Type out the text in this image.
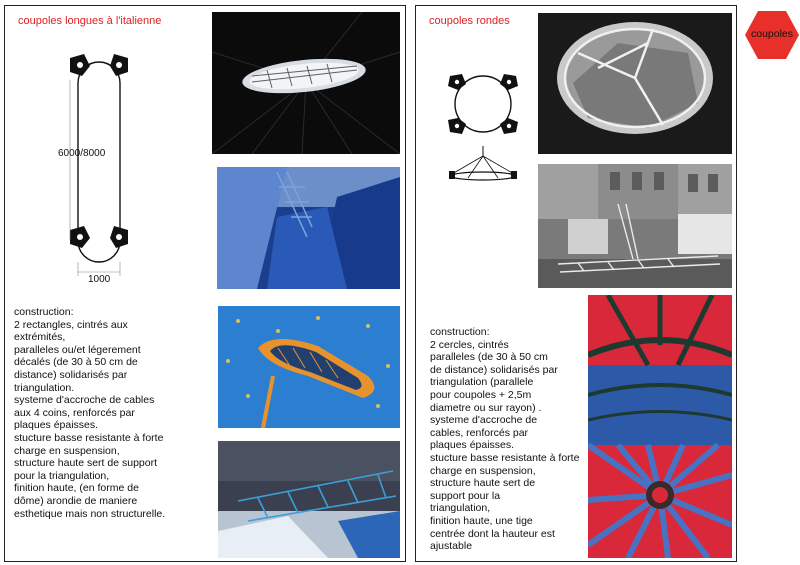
coupoles longues à l'italienne
6000/8000
1000
construction:
2 rectangles, cintrés aux extrémités,
paralleles ou/et légerement décalés (de 30 à 50 cm de distance) solidarisés par triangulation.
systeme d'accroche de cables aux 4 coins, renforcés par plaques épaisses.
stucture basse resistante à forte charge en suspension,
structure haute sert de support pour la triangulation,
finition haute, (en forme de dôme) arondie de maniere esthetique mais non structurelle.
coupoles rondes
construction:
2 cercles, cintrés
paralleles (de 30 à 50 cm
de distance) solidarisés par triangulation (parallele
pour coupoles + 2,5m
diametre ou sur rayon) .
systeme d'accroche de
cables, renforcés par
plaques épaisses.
stucture basse resistante à forte charge en suspension,
structure haute sert de
support pour la
triangulation,
finition haute, une tige
centrée dont la hauteur est ajustable
coupoles
